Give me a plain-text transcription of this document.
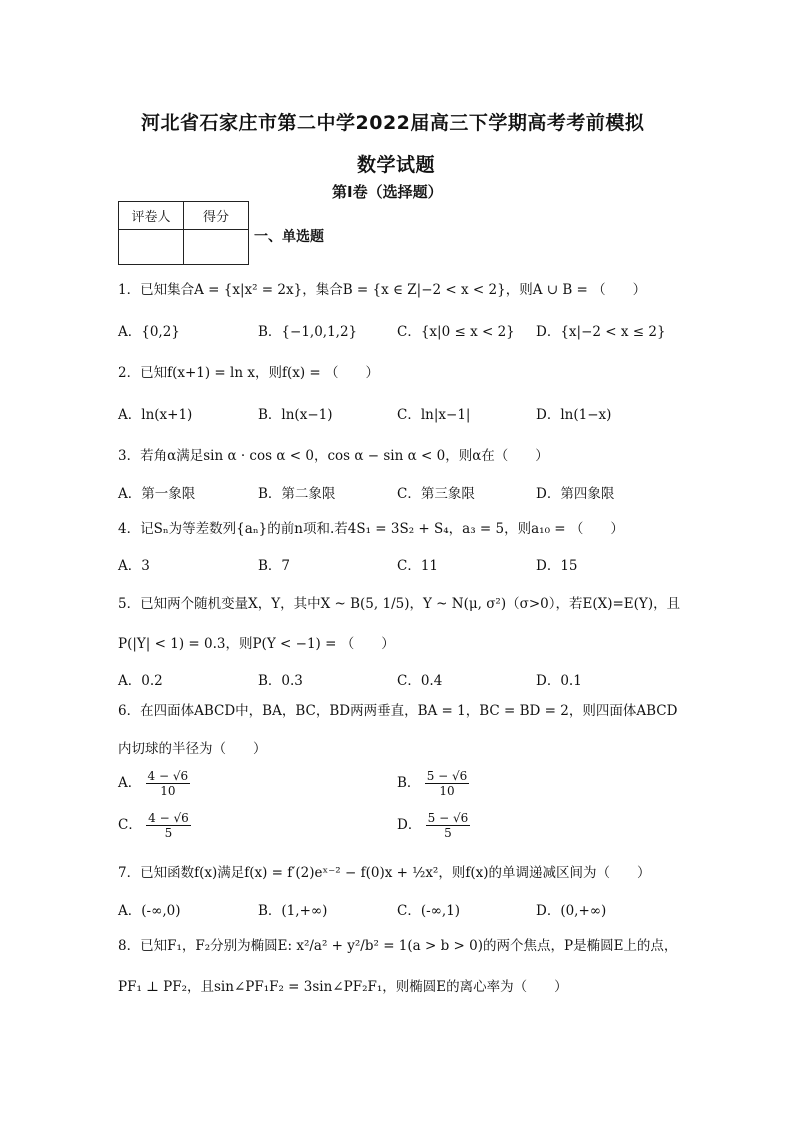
河北省石家庄市第二中学2022届高三下学期高考考前模拟
数学试题
第I卷（选择题）
评卷人	得分

一、单选题
1．已知集合A = {x|x² = 2x}，集合B = {x ∈ Z|−2 < x < 2}，则A ∪ B = （　　）
A．{0,2}	B．{−1,0,1,2}	C．{x|0 ≤ x < 2} D．{x|−2 < x ≤ 2}
2．已知f(x+1) = ln x，则f(x) = （　　）
A．ln(x+1)	B．ln(x−1)	C．ln|x−1|	D．ln(1−x)
3．若角α满足sin α · cos α < 0，cos α − sin α < 0，则α在（　　）
A．第一象限	B．第二象限	C．第三象限	D．第四象限
4．记Sₙ为等差数列{aₙ}的前n项和.若4S₁ = 3S₂ + S₄，a₃ = 5，则a₁₀ = （　　）
A．3	B．7	C．11	D．15
5．已知两个随机变量X，Y，其中X ~ B(5, 1/5)，Y ~ N(μ, σ²)（σ>0），若E(X)=E(Y)，且
P(|Y| < 1) = 0.3，则P(Y < −1) = （　　）
A．0.2	B．0.3	C．0.4	D．0.1
6．在四面体ABCD中，BA，BC，BD两两垂直，BA = 1，BC = BD = 2，则四面体ABCD
内切球的半径为（　　）
A． $\frac{4 - √6}{10}$	B． $\frac{5 - √6}{10}$
C． $\frac{4 - √6}{5}$	D． $\frac{5 - √6}{5}$
7．已知函数f(x)满足f(x) = f′(2)eˣ⁻² − f(0)x + ½x²，则f(x)的单调递减区间为（　　）
A．(-∞,0)	B．(1,+∞)	C．(-∞,1)	D．(0,+∞)
8．已知F₁，F₂分别为椭圆E: x²/a² + y²/b² = 1(a > b > 0)的两个焦点，P是椭圆E上的点，
PF₁ ⊥ PF₂，且sin∠PF₁F₂ = 3sin∠PF₂F₁，则椭圆E的离心率为（　　）
